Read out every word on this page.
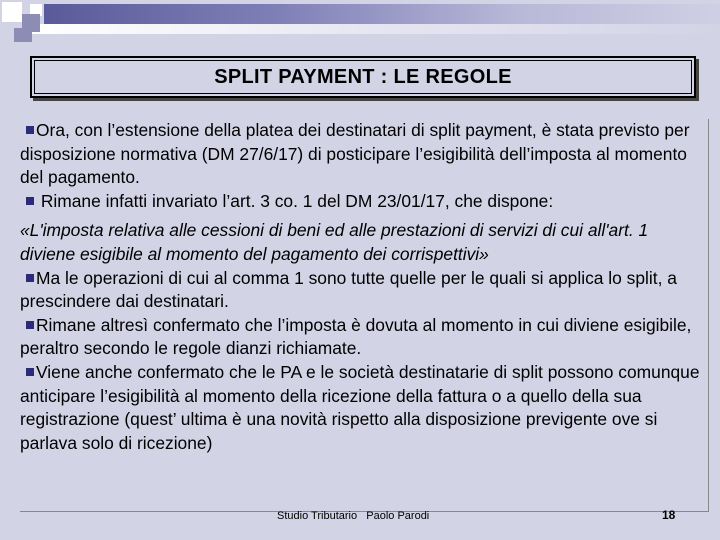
SPLIT PAYMENT : LE REGOLE

Ora, con l’estensione della platea dei destinatari di split payment, è stata previsto per disposizione normativa (DM 27/6/17) di posticipare l’esigibilità dell’imposta al momento del pagamento.

Rimane infatti invariato l’art. 3 co. 1 del DM 23/01/17, che dispone:

«L'imposta relativa alle cessioni di beni ed alle prestazioni di servizi di cui all'art. 1 diviene esigibile al momento del pagamento dei corrispettivi»

Ma le operazioni di cui al comma 1 sono tutte quelle per le quali si applica lo split, a prescindere dai destinatari.

Rimane altresì confermato che l’imposta è dovuta al momento in cui diviene esigibile, peraltro secondo le regole dianzi richiamate.

Viene anche confermato che le PA e le società destinatarie di split possono comunque anticipare l’esigibilità al momento della ricezione della fattura o a quello della sua registrazione (quest’ ultima è una novità rispetto alla disposizione previgente ove si parlava solo di ricezione)

Studio Tributario   Paolo Parodi	18
